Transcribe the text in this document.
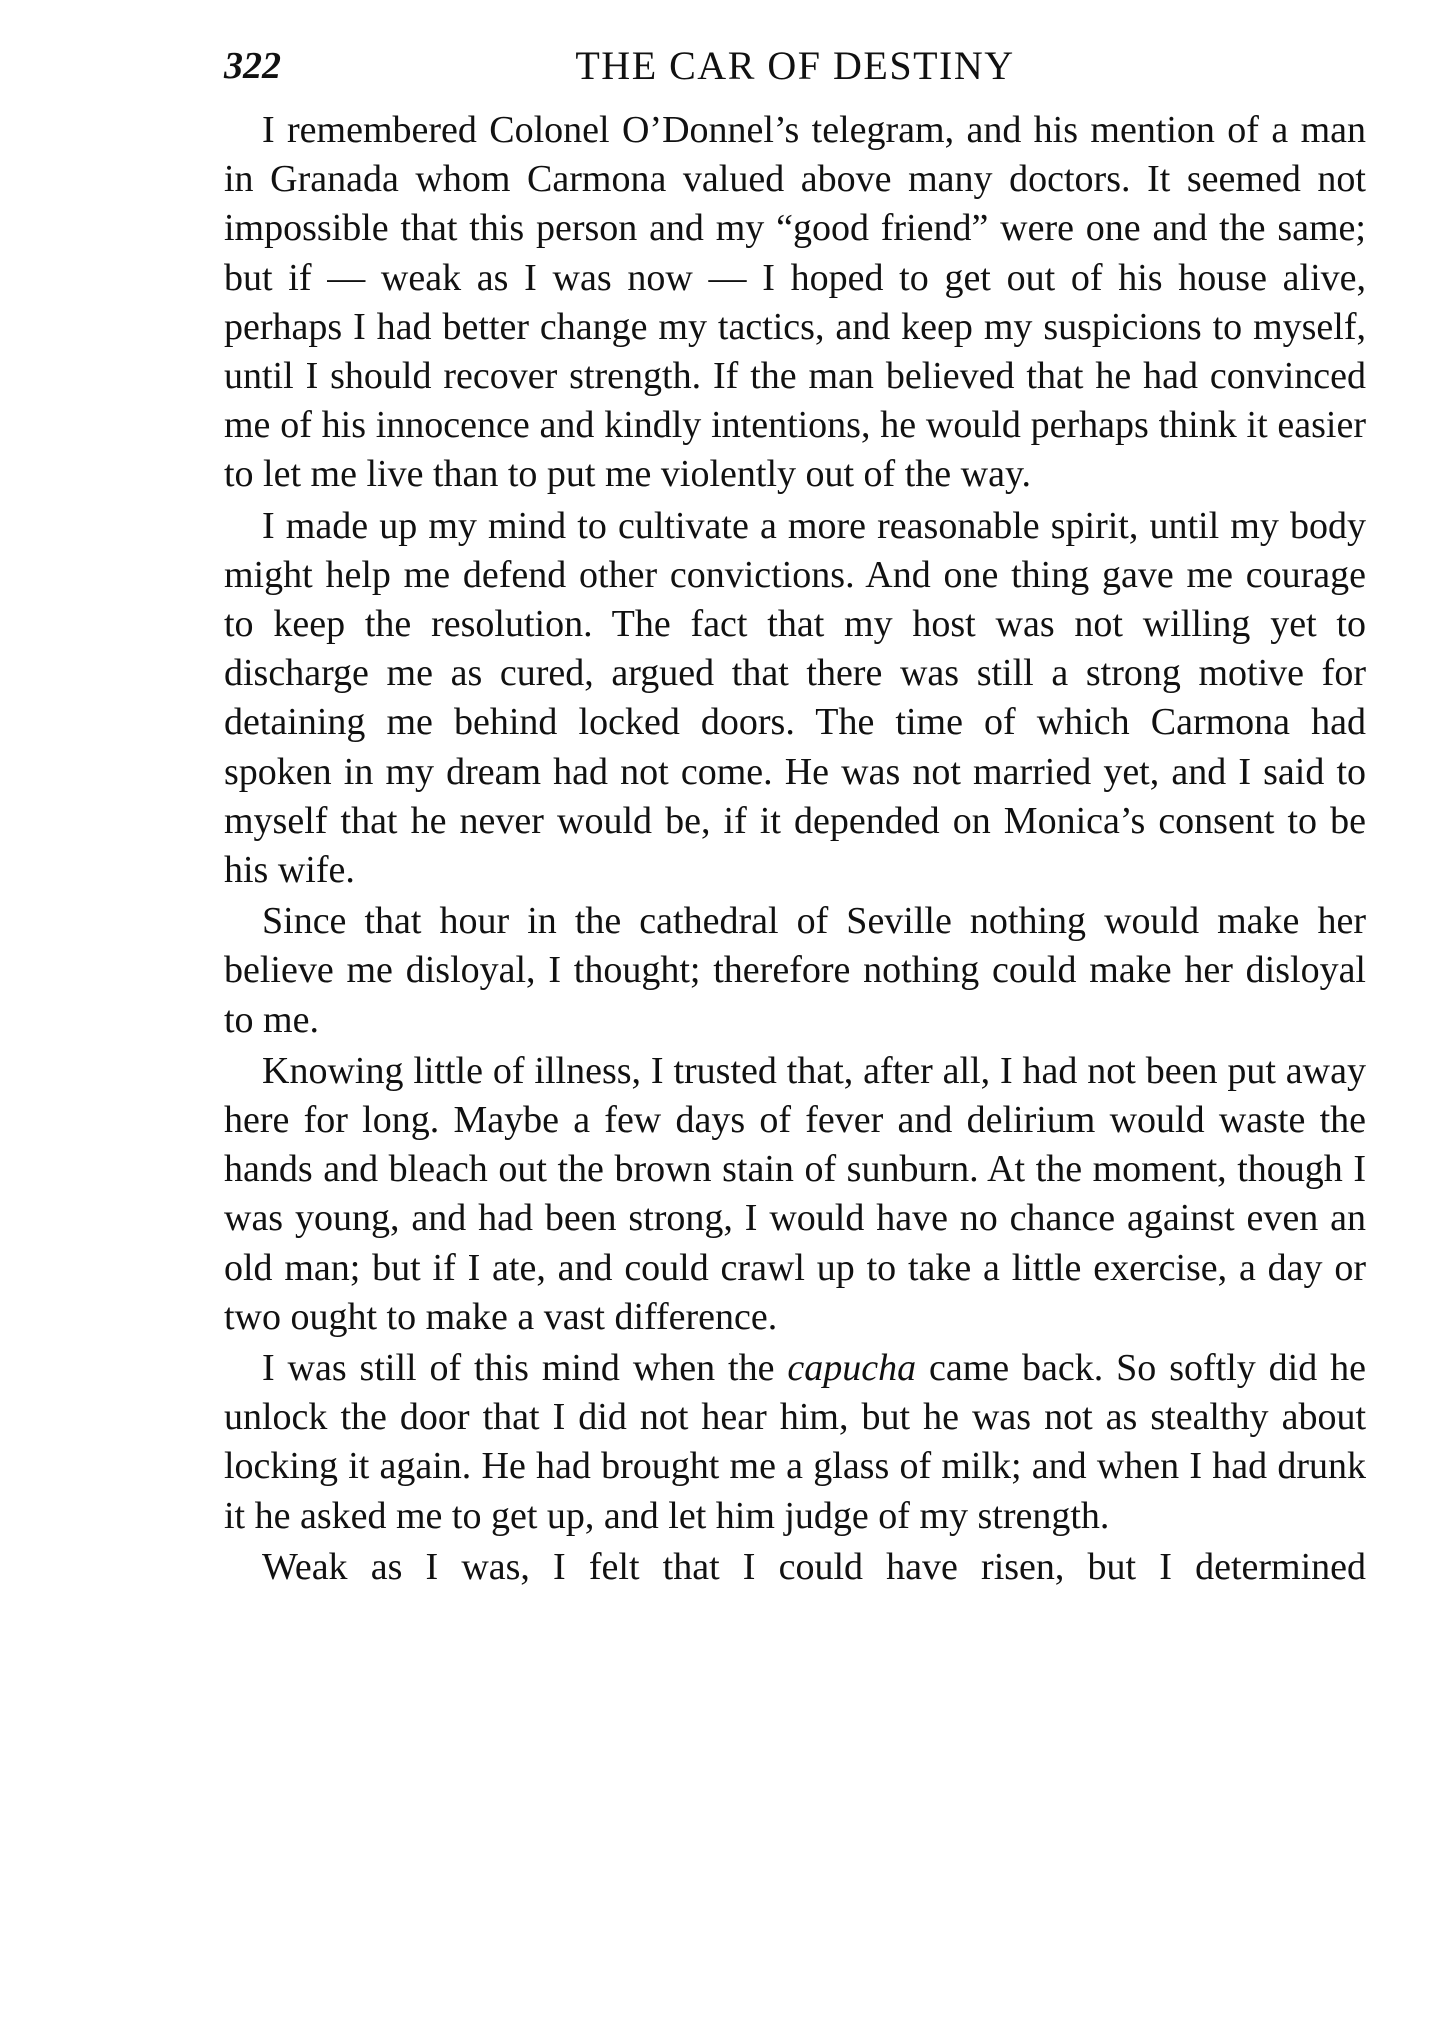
322	THE CAR OF DESTINY

I remembered Colonel O’Donnel’s telegram, and his mention of a man in Granada whom Carmona valued above many doctors. It seemed not impossible that this person and my “good friend” were one and the same; but if — weak as I was now — I hoped to get out of his house alive, perhaps I had better change my tactics, and keep my suspicions to myself, until I should recover strength. If the man believed that he had convinced me of his innocence and kindly intentions, he would perhaps think it easier to let me live than to put me violently out of the way.

I made up my mind to cultivate a more reasonable spirit, until my body might help me defend other convictions. And one thing gave me courage to keep the resolution. The fact that my host was not willing yet to discharge me as cured, argued that there was still a strong motive for detaining me behind locked doors. The time of which Carmona had spoken in my dream had not come. He was not married yet, and I said to myself that he never would be, if it depended on Monica’s consent to be his wife.

Since that hour in the cathedral of Seville nothing would make her believe me disloyal, I thought; therefore nothing could make her disloyal to me.

Knowing little of illness, I trusted that, after all, I had not been put away here for long. Maybe a few days of fever and delirium would waste the hands and bleach out the brown stain of sunburn. At the moment, though I was young, and had been strong, I would have no chance against even an old man; but if I ate, and could crawl up to take a little exercise, a day or two ought to make a vast difference.

I was still of this mind when the capucha came back. So softly did he unlock the door that I did not hear him, but he was not as stealthy about locking it again. He had brought me a glass of milk; and when I had drunk it he asked me to get up, and let him judge of my strength.

Weak as I was, I felt that I could have risen, but I determined
